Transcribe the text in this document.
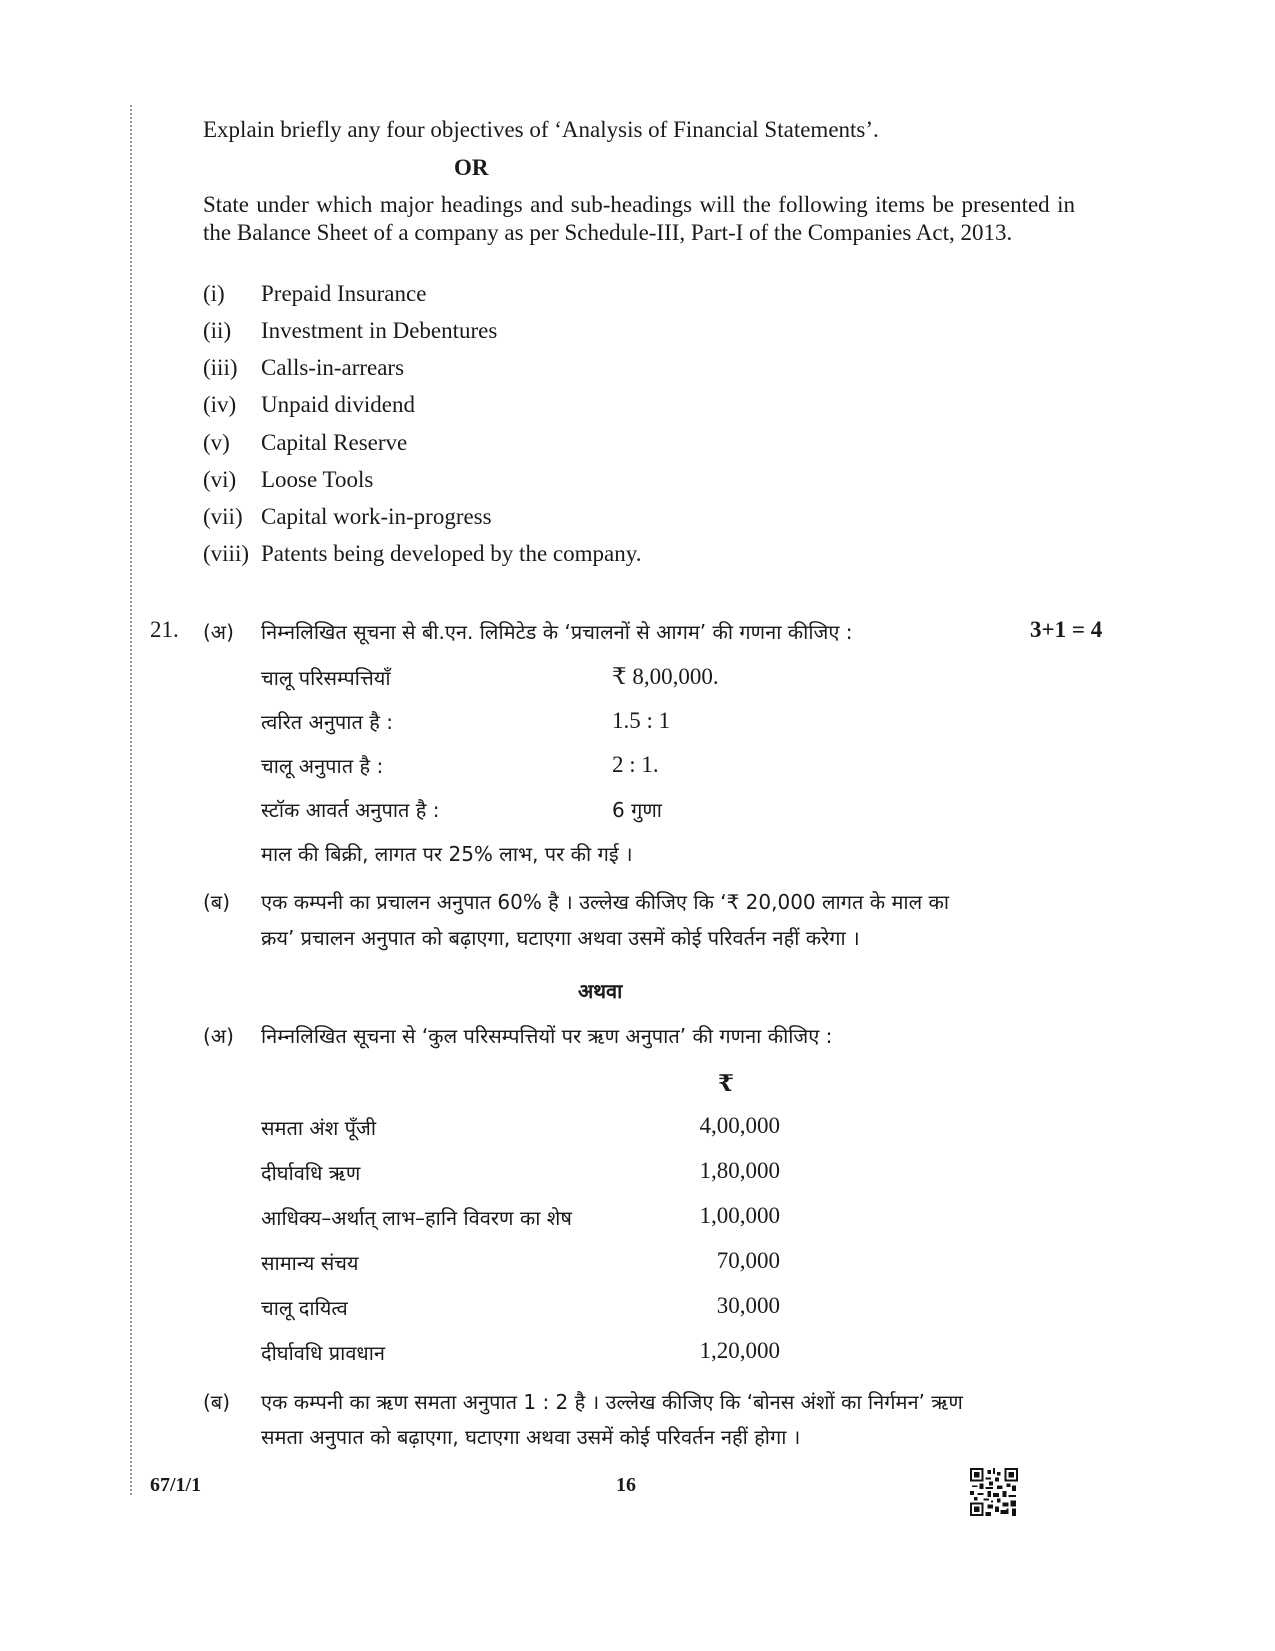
Explain briefly any four objectives of ‘Analysis of Financial Statements’.
OR
State under which major headings and sub-headings will the following items be presented in the Balance Sheet of a company as per Schedule-III, Part-I of the Companies Act, 2013.
(i) Prepaid Insurance
(ii) Investment in Debentures
(iii) Calls-in-arrears
(iv) Unpaid dividend
(v) Capital Reserve
(vi) Loose Tools
(vii) Capital work-in-progress
(viii) Patents being developed by the company.
21. (अ) निम्नलिखित सूचना से बी.एन. लिमिटेड के ‘प्रचालनों से आगम’ की गणना कीजिए :	3+1 = 4
चालू परिसम्पत्तियाँ	₹ 8,00,000.
त्वरित अनुपात है :	1.5 : 1
चालू अनुपात है :	2 : 1.
स्टॉक आवर्त अनुपात है :	6 गुणा
माल की बिक्री, लागत पर 25% लाभ, पर की गई ।
(ब) एक कम्पनी का प्रचालन अनुपात 60% है । उल्लेख कीजिए कि ‘₹ 20,000 लागत के माल का
क्रय’ प्रचालन अनुपात को बढ़ाएगा, घटाएगा अथवा उसमें कोई परिवर्तन नहीं करेगा ।
अथवा
(अ) निम्नलिखित सूचना से ‘कुल परिसम्पत्तियों पर ऋण अनुपात’ की गणना कीजिए :
₹
समता अंश पूँजी	4,00,000
दीर्घावधि ऋण	1,80,000
आधिक्य–अर्थात् लाभ–हानि विवरण का शेष	1,00,000
सामान्य संचय	70,000
चालू दायित्व	30,000
दीर्घावधि प्रावधान	1,20,000
(ब) एक कम्पनी का ऋण समता अनुपात 1 : 2 है । उल्लेख कीजिए कि ‘बोनस अंशों का निर्गमन’ ऋण
समता अनुपात को बढ़ाएगा, घटाएगा अथवा उसमें कोई परिवर्तन नहीं होगा ।
67/1/1	16
